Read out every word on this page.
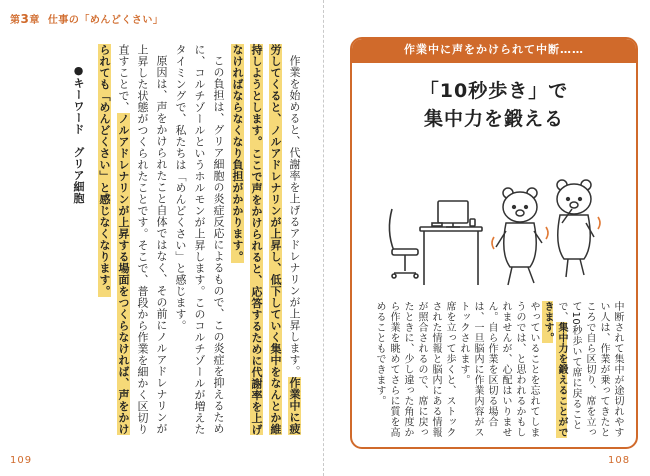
第3章 仕事の「めんどくさい」

作業を始めると、代謝率を上げるアドレナリンが上昇します。作業中に疲労してくると、ノルアドレナリンが上昇し、低下していく集中をなんとか維持しようとします。ここで声をかけられると、応答するために代謝率を上げなければならなくなり負担がかかります。

この負担は、グリア細胞の炎症反応によるもので、この炎症を抑えるために、コルチゾールというホルモンが上昇します。このコルチゾールが増えたタイミングで、私たちは「めんどくさい」と感じます。

原因は、声をかけられたこと自体ではなく、その前にノルアドレナリンが上昇した状態がつくられたことです。そこで、普段から作業を細かく区切り直すことで、ノルアドレナリンが上昇する場面をつくらなければ、声をかけられても「めんどくさい」と感じなくなります。

●キーワード　グリア細胞
109
作業中に声をかけられて中断……
「10秒歩き」で
集中力を鍛える
中断されて集中が途切れやすい人は、作業が乗ってきたところで自ら区切り、席を立って10秒歩いて席に戻ることで、集中力を鍛えることができます。
やっていることを忘れてしまうのでは、と思われるかもしれませんが、心配はいりません。自ら作業を区切る場合は、一旦脳内に作業内容がストックされます。
席を立って歩くと、ストックされた情報と脳内にある情報が照合されるので、席に戻ったときに、少し違った角度から作業を眺めてさらに質を高めることもできます。
108
